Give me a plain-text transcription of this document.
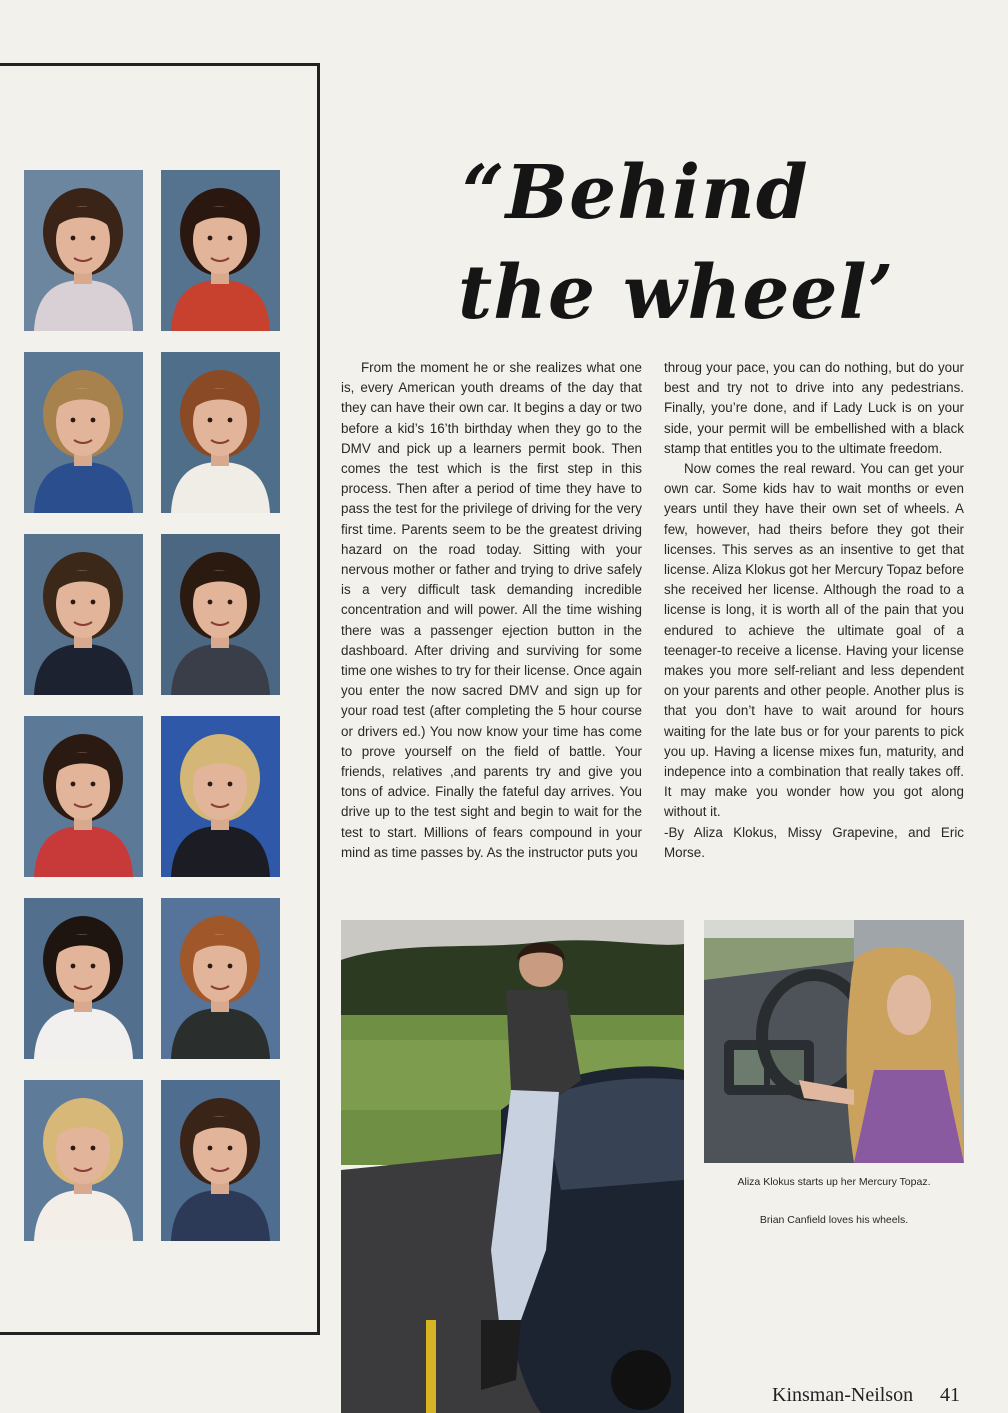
“Behind
the wheel’

From the moment he or she realizes what one is, every American youth dreams of the day that they can have their own car. It begins a day or two before a kid’s 16’th birthday when they go to the DMV and pick up a learners permit book. Then comes the test which is the first step in this process. Then after a period of time they have to pass the test for the privilege of driving for the very first time. Parents seem to be the greatest driving hazard on the road today. Sitting with your nervous mother or father and trying to drive safely is a very difficult task demanding incredible concentration and will power. All the time wishing there was a passenger ejection button in the dashboard. After driving and surviving for some time one wishes to try for their license. Once again you enter the now sacred DMV and sign up for your road test (after completing the 5 hour course or drivers ed.) You now know your time has come to prove yourself on the field of battle. Your friends, relatives ,and parents try and give you tons of advice. Finally the fateful day arrives. You drive up to the test sight and begin to wait for the test to start. Millions of fears compound in your mind as time passes by. As the instructor puts you

throug your pace, you can do nothing, but do your best and try not to drive into any pedestrians. Finally, you’re done, and if Lady Luck is on your side, your permit will be embellished with a black stamp that entitles you to the ultimate freedom.

Now comes the real reward. You can get your own car. Some kids hav to wait months or even years until they have their own set of wheels. A few, however, had theirs before they got their licenses. This serves as an insentive to get that license. Aliza Klokus got her Mercury Topaz before she received her license. Although the road to a license is long, it is worth all of the pain that you endured to achieve the ultimate goal of a teenager-to receive a license. Having your license makes you more self-reliant and less dependent on your parents and other people. Another plus is that you don’t have to wait around for hours waiting for the late bus or for your parents to pick you up. Having a license mixes fun, maturity, and indepence into a combination that really takes off. It may make you wonder how you got along without it.

-By Aliza Klokus, Missy Grapevine, and Eric Morse.

Aliza Klokus starts up her Mercury Topaz.
Brian Canfield loves his wheels.
Kinsman-Neilson 41
